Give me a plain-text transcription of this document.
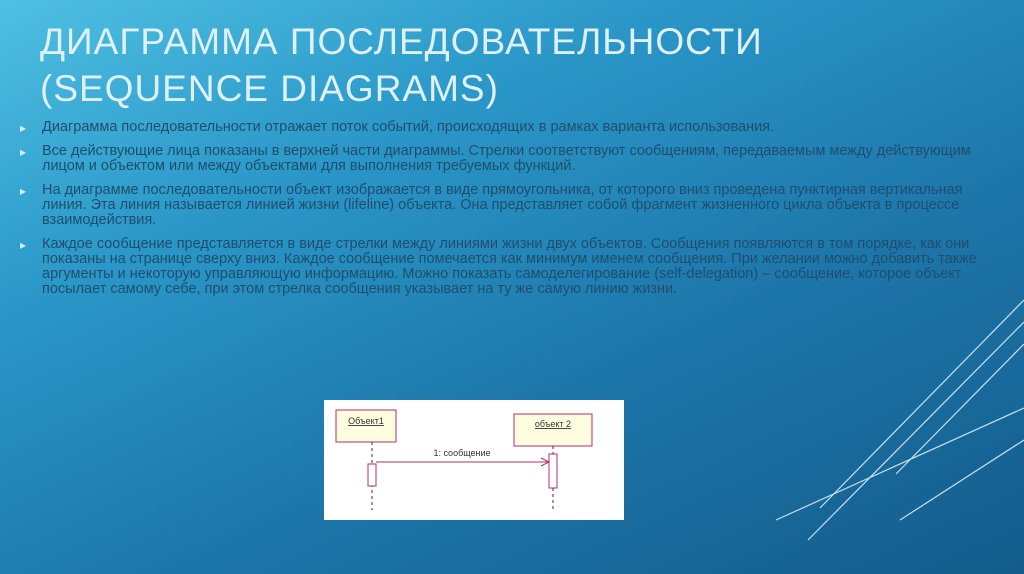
ДИАГРАММА ПОСЛЕДОВАТЕЛЬНОСТИ
(SEQUENCE DIAGRAMS)
▸ Диаграмма последовательности отражает поток событий, происходящих в рамках варианта использования.
▸ Все действующие лица показаны в верхней части диаграммы. Стрелки соответствуют сообщениям, передаваемым между действующим лицом и объектом или между объектами для выполнения требуемых функций.
▸ На диаграмме последовательности объект изображается в виде прямоугольника, от которого вниз проведена пунктирная вертикальная линия. Эта линия называется линией жизни (lifeline) объекта. Она представляет собой фрагмент жизненного цикла объекта в процессе взаимодействия.
▸ Каждое сообщение представляется в виде стрелки между линиями жизни двух объектов. Сообщения появляются в том порядке, как они показаны на странице сверху вниз. Каждое сообщение помечается как минимум именем сообщения. При желании можно добавить также аргументы и некоторую управляющую информацию. Можно показать самоделегирование (self-delegation) – сообщение, которое объект посылает самому себе, при этом стрелка сообщения указывает на ту же самую линию жизни.
Объект1	объект 2
1: сообщение
